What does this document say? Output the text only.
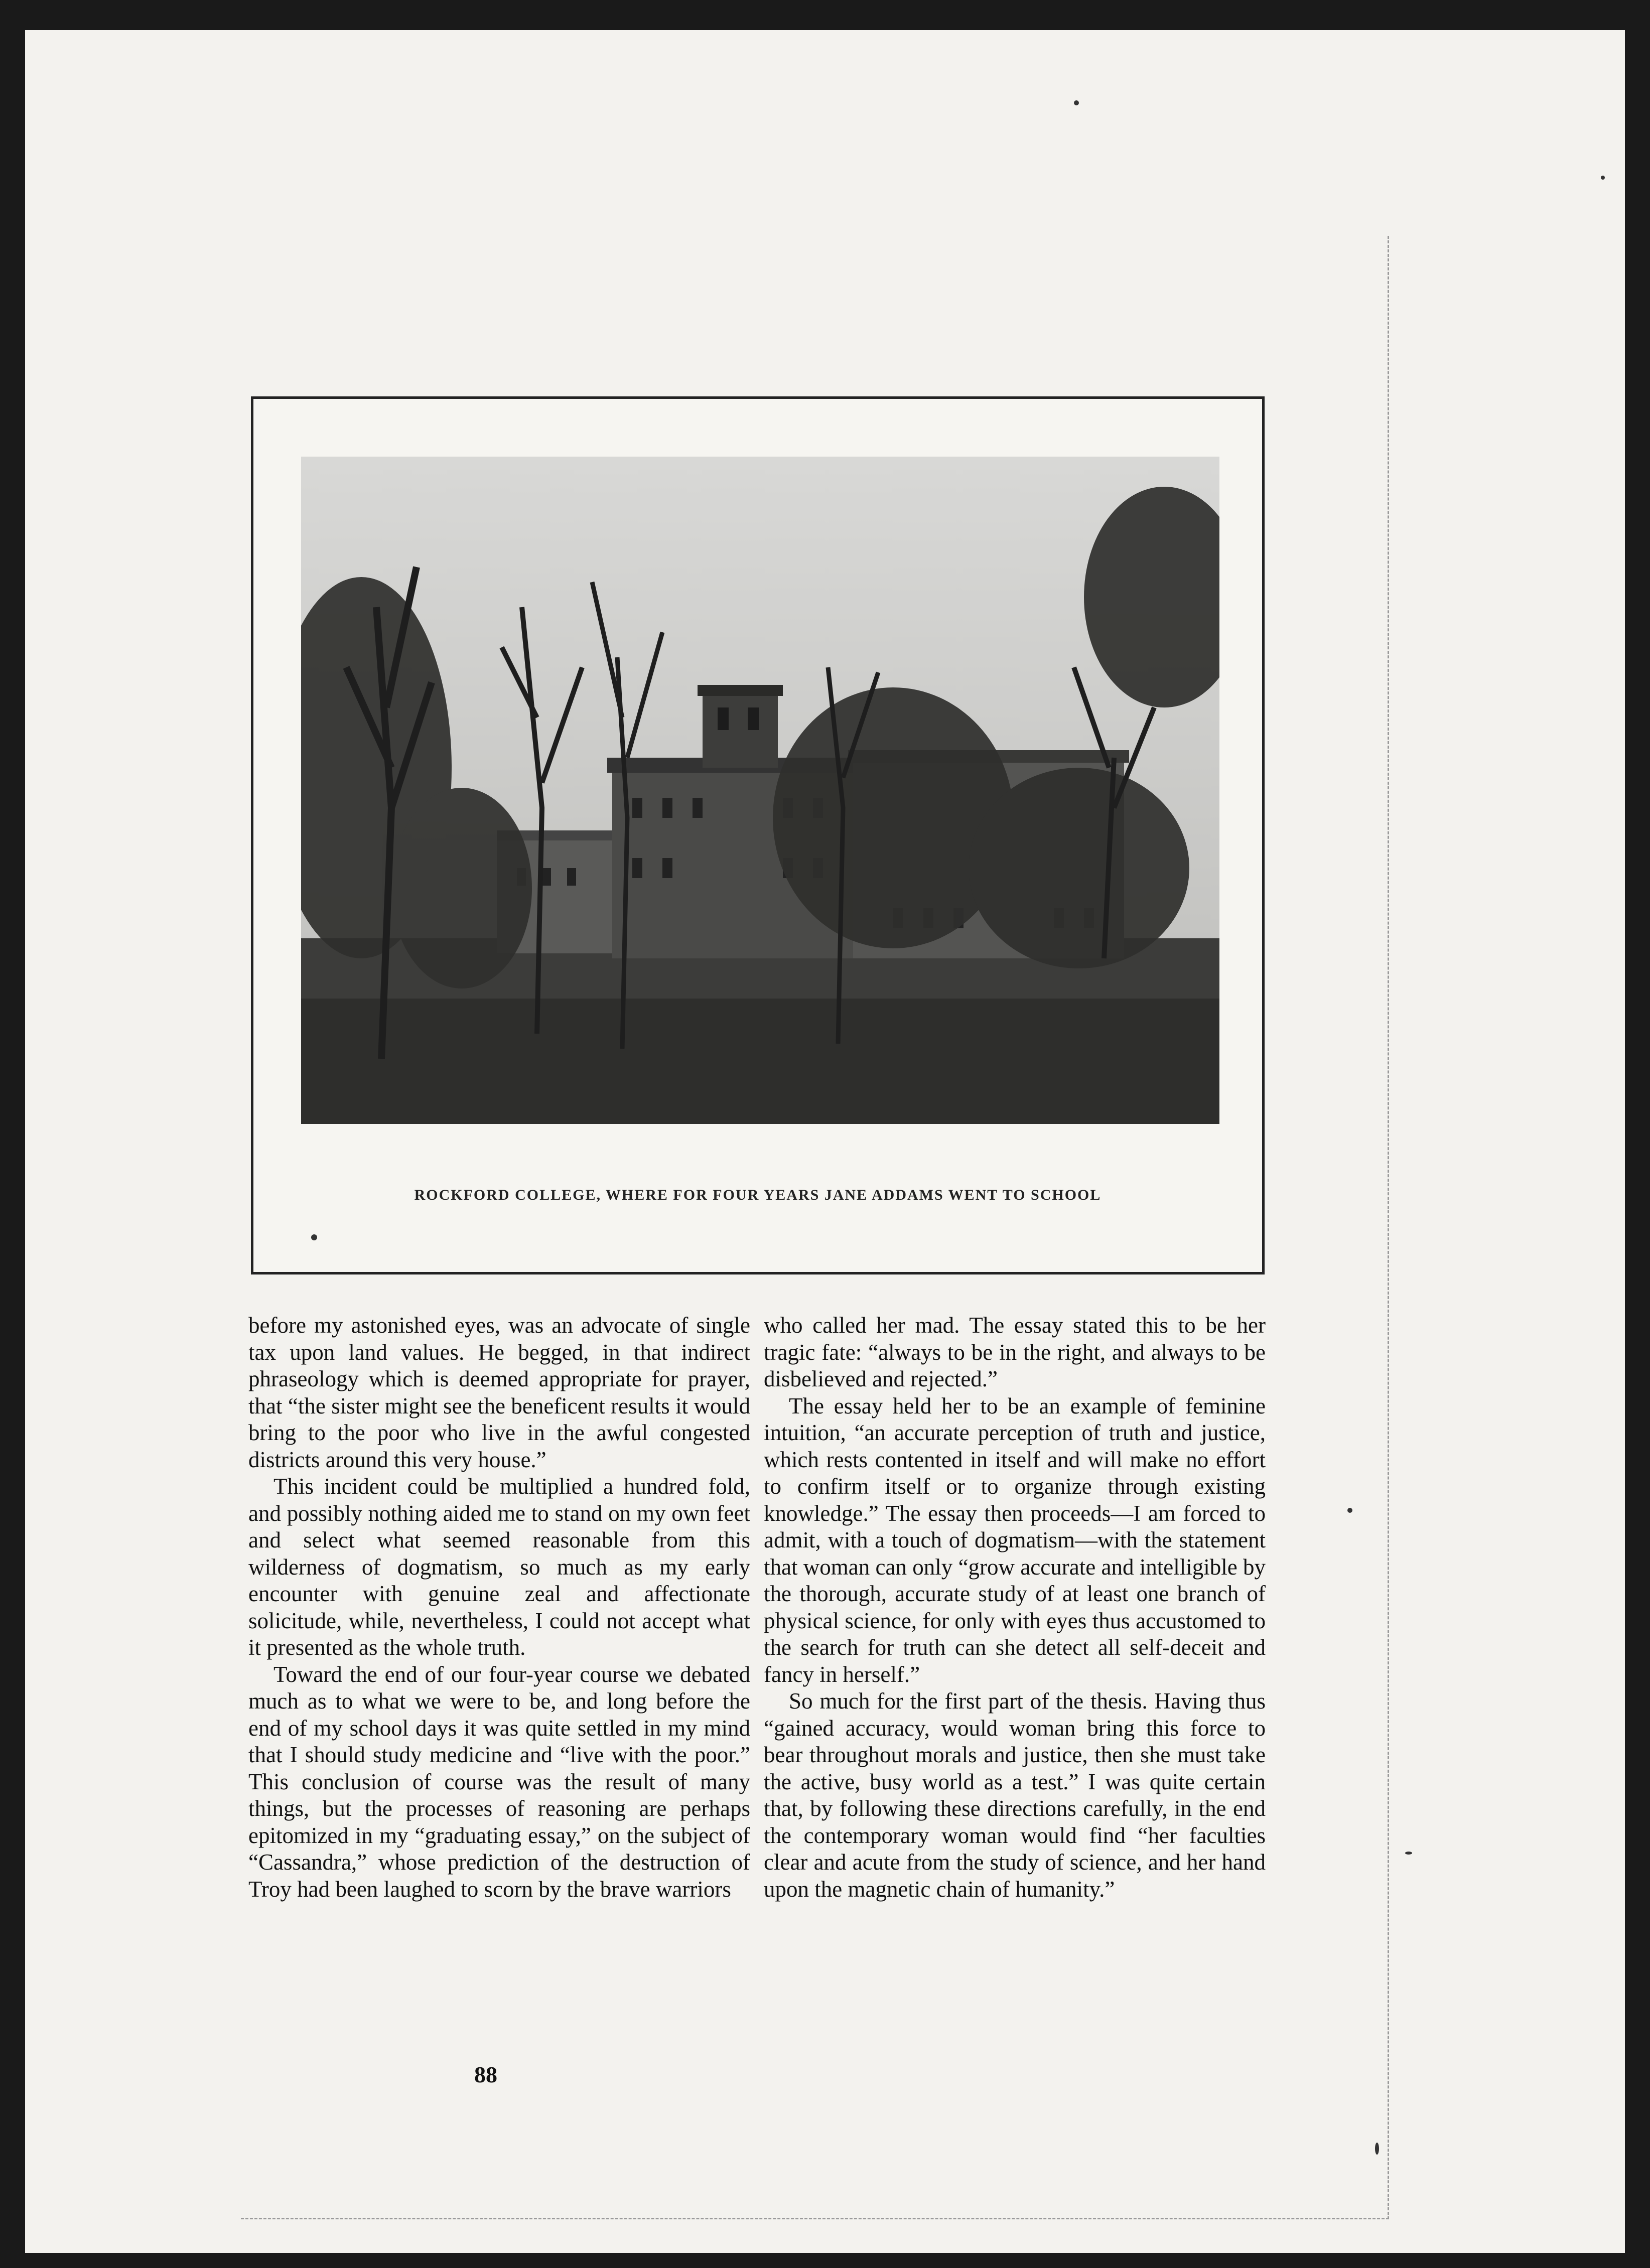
ROCKFORD COLLEGE, WHERE FOR FOUR YEARS JANE ADDAMS WENT TO SCHOOL

before my astonished eyes, was an advocate of single tax upon land values. He begged, in that indirect phraseology which is deemed appropriate for prayer, that “the sister might see the beneficent results it would bring to the poor who live in the awful congested districts around this very house.”

This incident could be multiplied a hundred fold, and possibly nothing aided me to stand on my own feet and select what seemed reasonable from this wilderness of dogmatism, so much as my early encounter with genuine zeal and affectionate solicitude, while, nevertheless, I could not accept what it presented as the whole truth.

Toward the end of our four-year course we debated much as to what we were to be, and long before the end of my school days it was quite settled in my mind that I should study medicine and “live with the poor.” This conclusion of course was the result of many things, but the processes of reasoning are perhaps epitomized in my “graduating essay,” on the subject of “Cassandra,” whose prediction of the destruction of Troy had been laughed to scorn by the brave warriors

who called her mad. The essay stated this to be her tragic fate: “always to be in the right, and always to be disbelieved and rejected.”

The essay held her to be an example of feminine intuition, “an accurate perception of truth and justice, which rests contented in itself and will make no effort to confirm itself or to organize through existing knowledge.” The essay then proceeds—I am forced to admit, with a touch of dogmatism—with the statement that woman can only “grow accurate and intelligible by the thorough, accurate study of at least one branch of physical science, for only with eyes thus accustomed to the search for truth can she detect all self-deceit and fancy in herself.”

So much for the first part of the thesis. Having thus “gained accuracy, would woman bring this force to bear throughout morals and justice, then she must take the active, busy world as a test.” I was quite certain that, by following these directions carefully, in the end the contemporary woman would find “her faculties clear and acute from the study of science, and her hand upon the magnetic chain of humanity.”

88
